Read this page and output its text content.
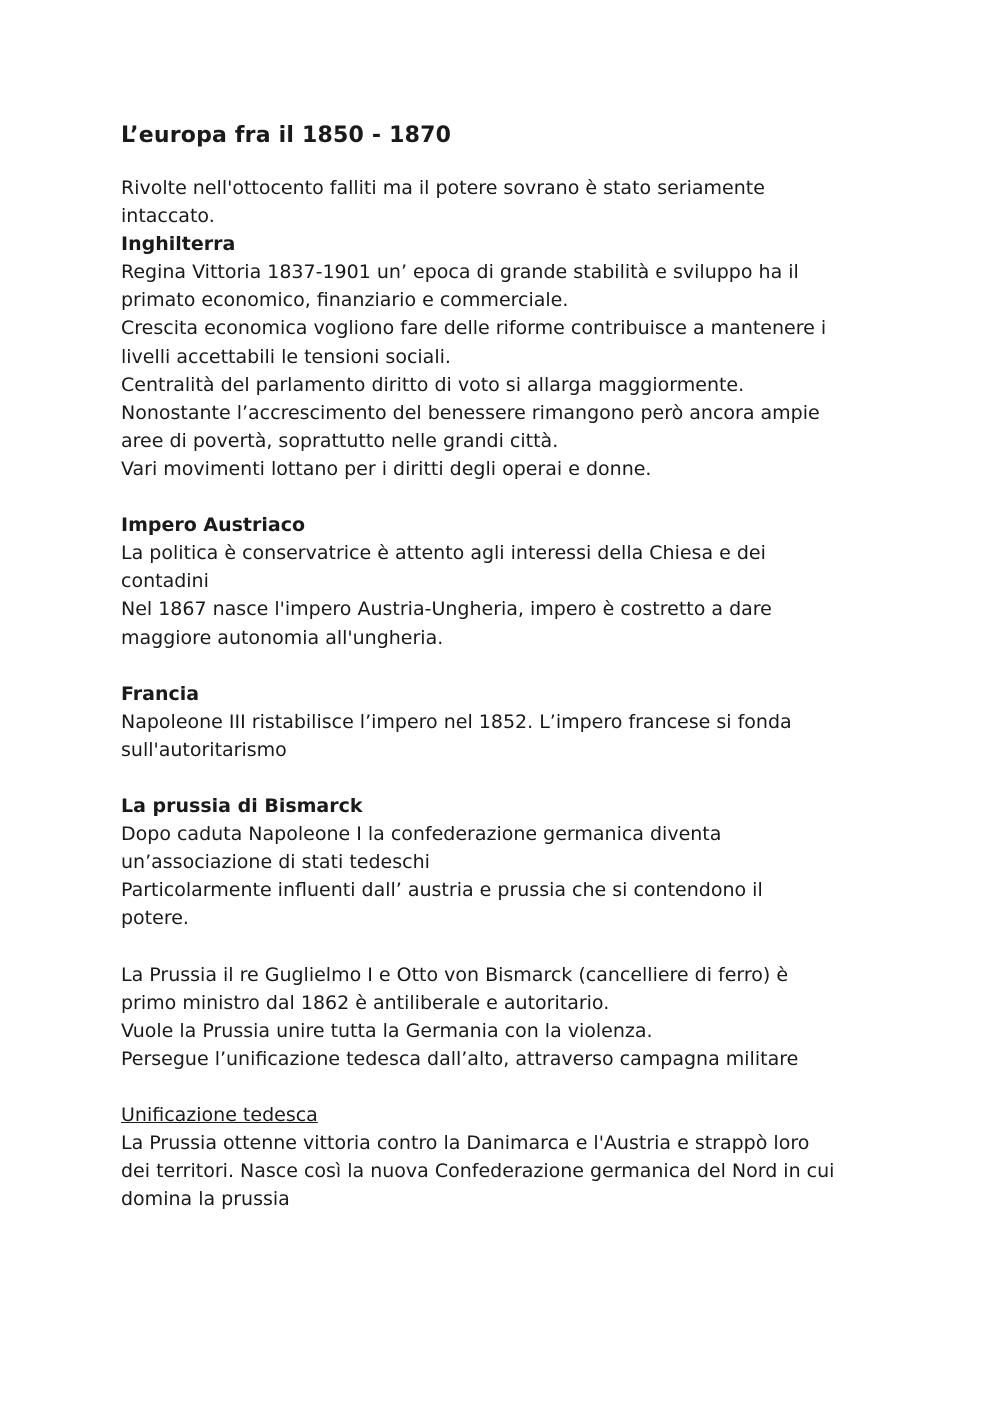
L’europa fra il 1850 - 1870

Rivolte nell'ottocento falliti ma il potere sovrano è stato seriamente

intaccato.

Inghilterra

Regina Vittoria 1837-1901 un’ epoca di grande stabilità e sviluppo ha il

primato economico, finanziario e commerciale.

Crescita economica vogliono fare delle riforme contribuisce a mantenere i

livelli accettabili le tensioni sociali.

Centralità del parlamento diritto di voto si allarga maggiormente.

Nonostante l’accrescimento del benessere rimangono però ancora ampie

aree di povertà, soprattutto nelle grandi città.

Vari movimenti lottano per i diritti degli operai e donne.

Impero Austriaco

La politica è conservatrice è attento agli interessi della Chiesa e dei

contadini

Nel 1867 nasce l'impero Austria-Ungheria, impero è costretto a dare

maggiore autonomia all'ungheria.

Francia

Napoleone III ristabilisce l’impero nel 1852. L’impero francese si fonda

sull'autoritarismo

La prussia di Bismarck

Dopo caduta Napoleone I la confederazione germanica diventa

un’associazione di stati tedeschi

Particolarmente influenti dall’ austria e prussia che si contendono il

potere.

La Prussia il re Guglielmo I e Otto von Bismarck (cancelliere di ferro) è

primo ministro dal 1862 è antiliberale e autoritario.

Vuole la Prussia unire tutta la Germania con la violenza.

Persegue l’unificazione tedesca dall’alto, attraverso campagna militare

Unificazione tedesca

La Prussia ottenne vittoria contro la Danimarca e l'Austria e strappò loro

dei territori. Nasce così la nuova Confederazione germanica del Nord in cui

domina la prussia
